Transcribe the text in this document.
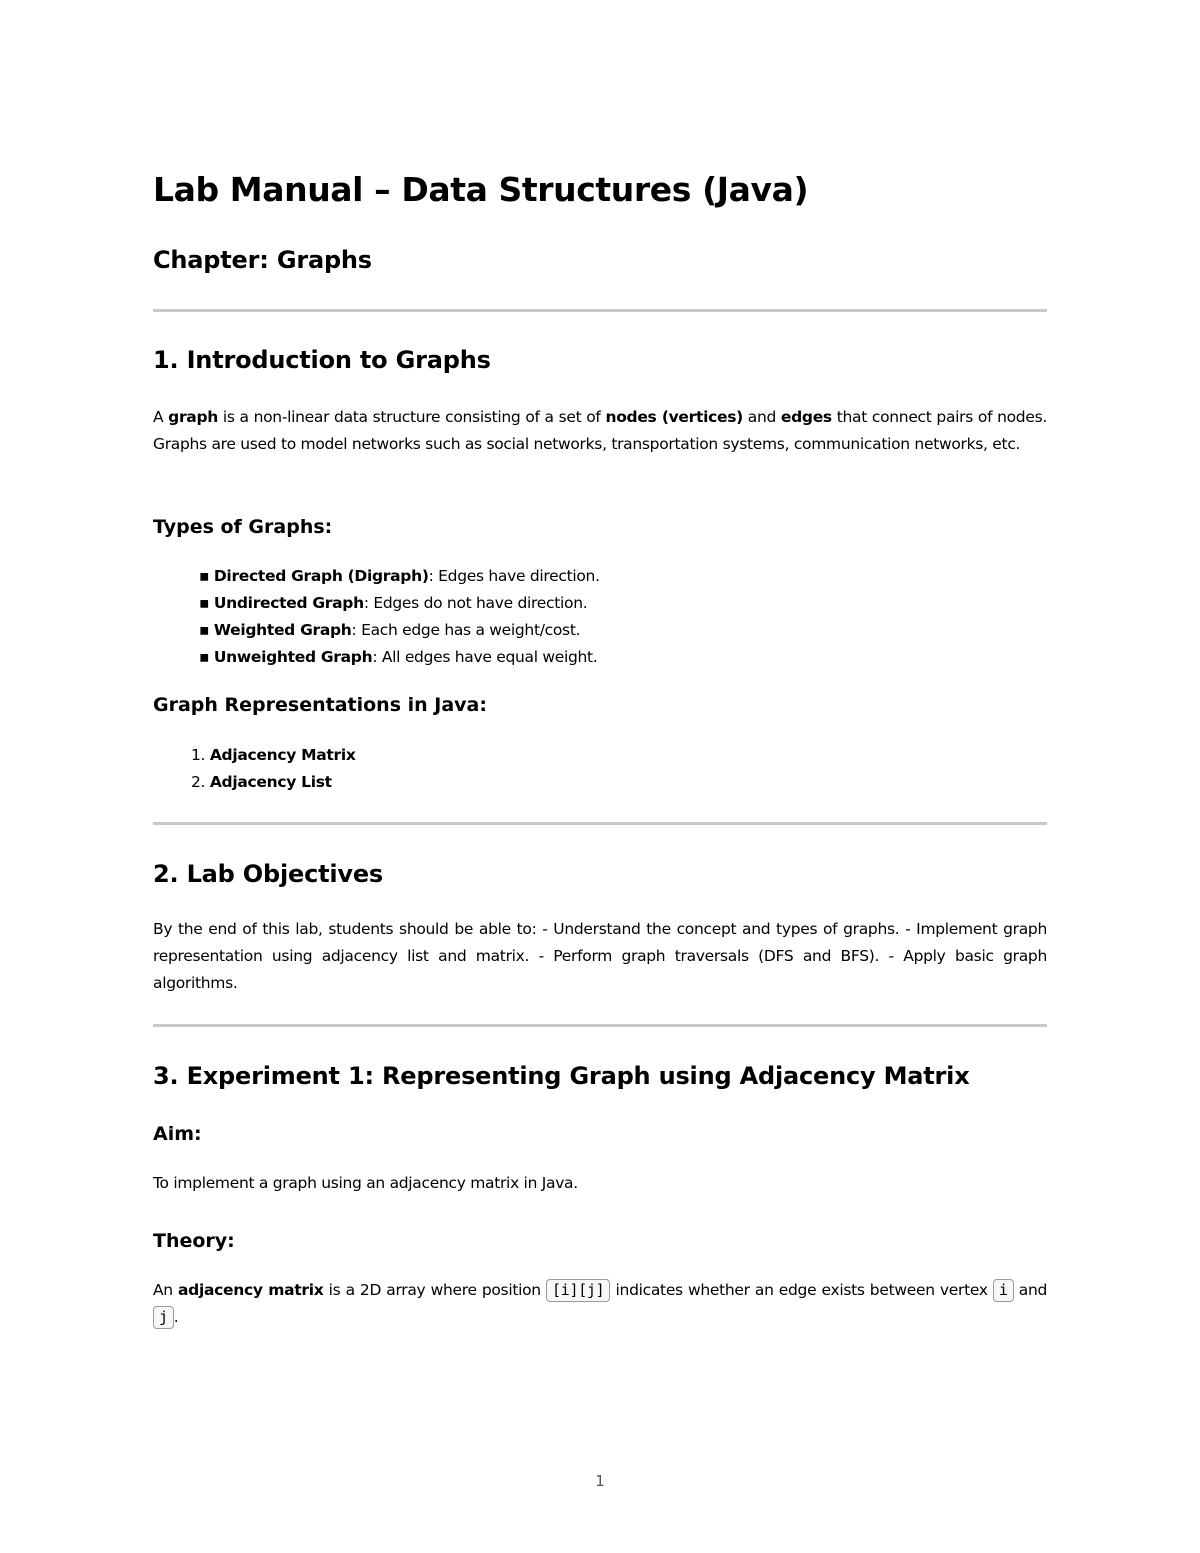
Lab Manual – Data Structures (Java)
Chapter: Graphs
1. Introduction to Graphs

A graph is a non-linear data structure consisting of a set of nodes (vertices) and edges that connect pairs of nodes. Graphs are used to model networks such as social networks, transportation systems, communication networks, etc.

Types of Graphs:
▪ Directed Graph (Digraph): Edges have direction.
▪ Undirected Graph: Edges do not have direction.
▪ Weighted Graph: Each edge has a weight/cost.
▪ Unweighted Graph: All edges have equal weight.
Graph Representations in Java:
1. Adjacency Matrix
2. Adjacency List
2. Lab Objectives

By the end of this lab, students should be able to: - Understand the concept and types of graphs. - Implement graph representation using adjacency list and matrix. - Perform graph traversals (DFS and BFS). - Apply basic graph algorithms.

3. Experiment 1: Representing Graph using Adjacency Matrix
Aim:

To implement a graph using an adjacency matrix in Java.

Theory:

An adjacency matrix is a 2D array where position [i][j] indicates whether an edge exists between vertex i and j .

1
